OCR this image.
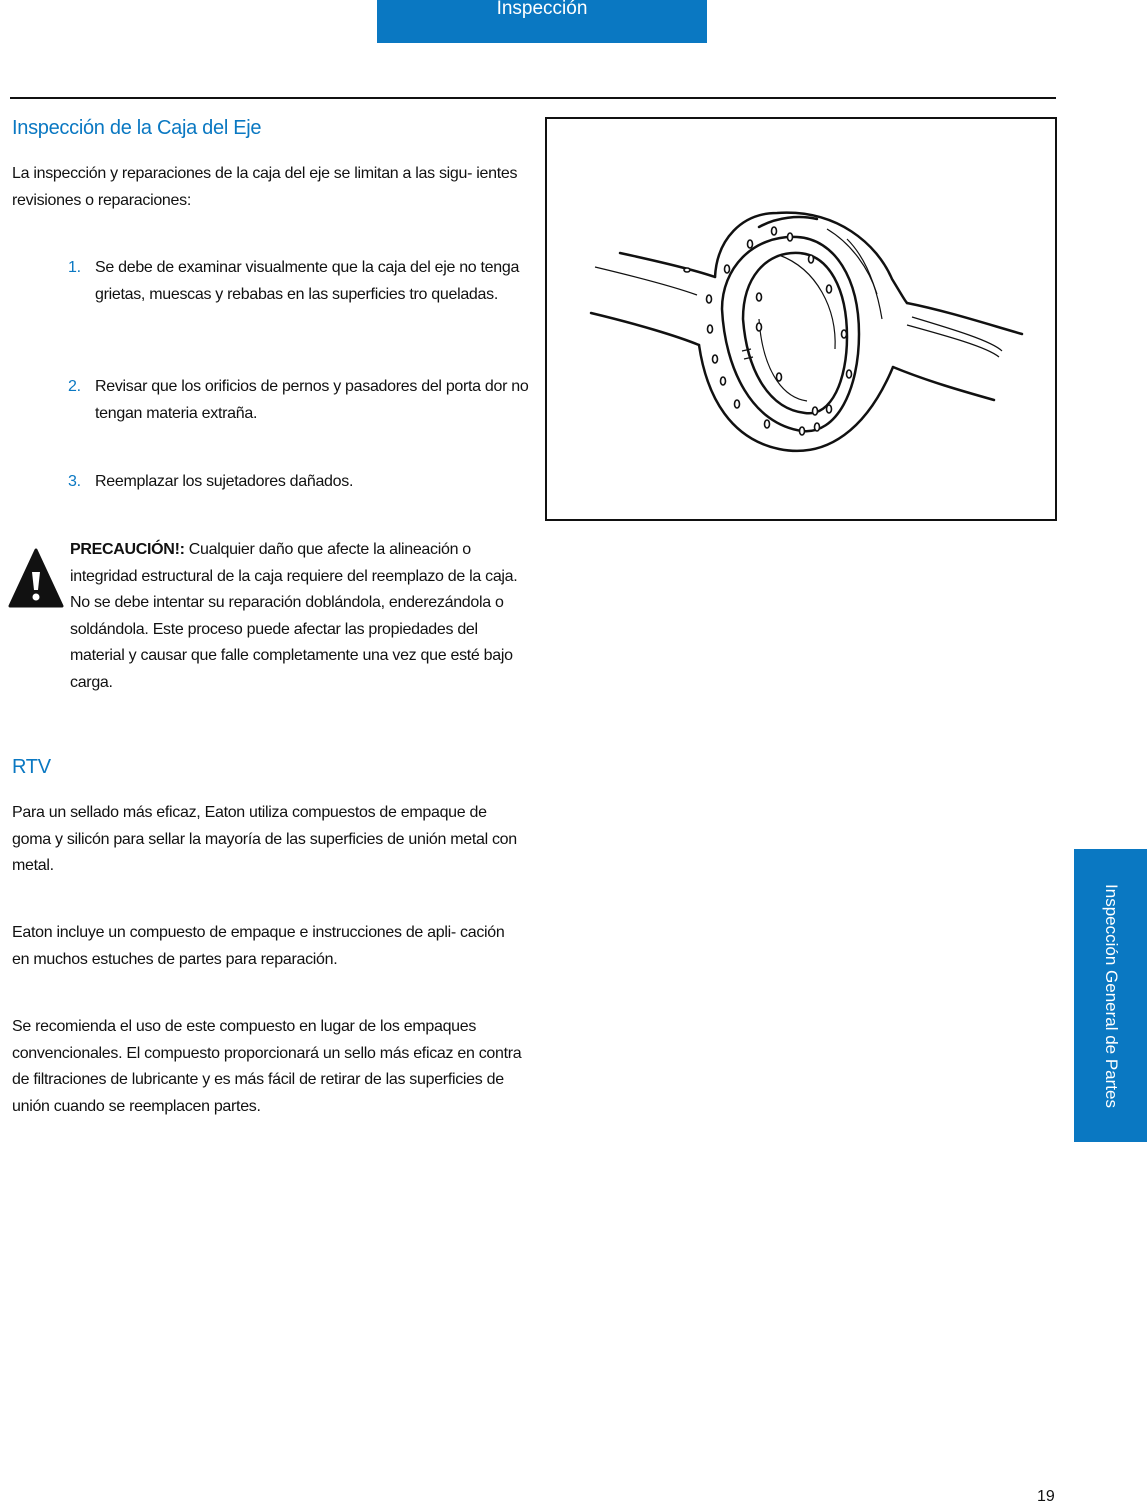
Inspección
Inspección de la Caja del Eje

La inspección y reparaciones de la caja del eje se limitan a las sigu- ientes revisiones o reparaciones:

1. Se debe de examinar visualmente que la caja del eje no tenga grietas, muescas y rebabas en las superficies tro queladas.
2. Revisar que los orificios de pernos y pasadores del porta dor no tengan materia extraña.
3. Reemplazar los sujetadores dañados.

PRECAUCIÓN!: Cualquier daño que afecte la alineación o integridad estructural de la caja requiere del reemplazo de la caja. No se debe intentar su reparación doblándola, enderezándola o soldándola. Este proceso puede afectar las propiedades del material y causar que falle completamente una vez que esté bajo carga.

RTV

Para un sellado más eficaz, Eaton utiliza compuestos de empaque de goma y silicón para sellar la mayoría de las superficies de unión metal con metal.

Eaton incluye un compuesto de empaque e instrucciones de apli- cación en muchos estuches de partes para reparación.

Se recomienda el uso de este compuesto en lugar de los empaques convencionales. El compuesto proporcionará un sello más eficaz en contra de filtraciones de lubricante y es más fácil de retirar de las superficies de unión cuando se reemplacen partes.	Inspección General de Partes
19
